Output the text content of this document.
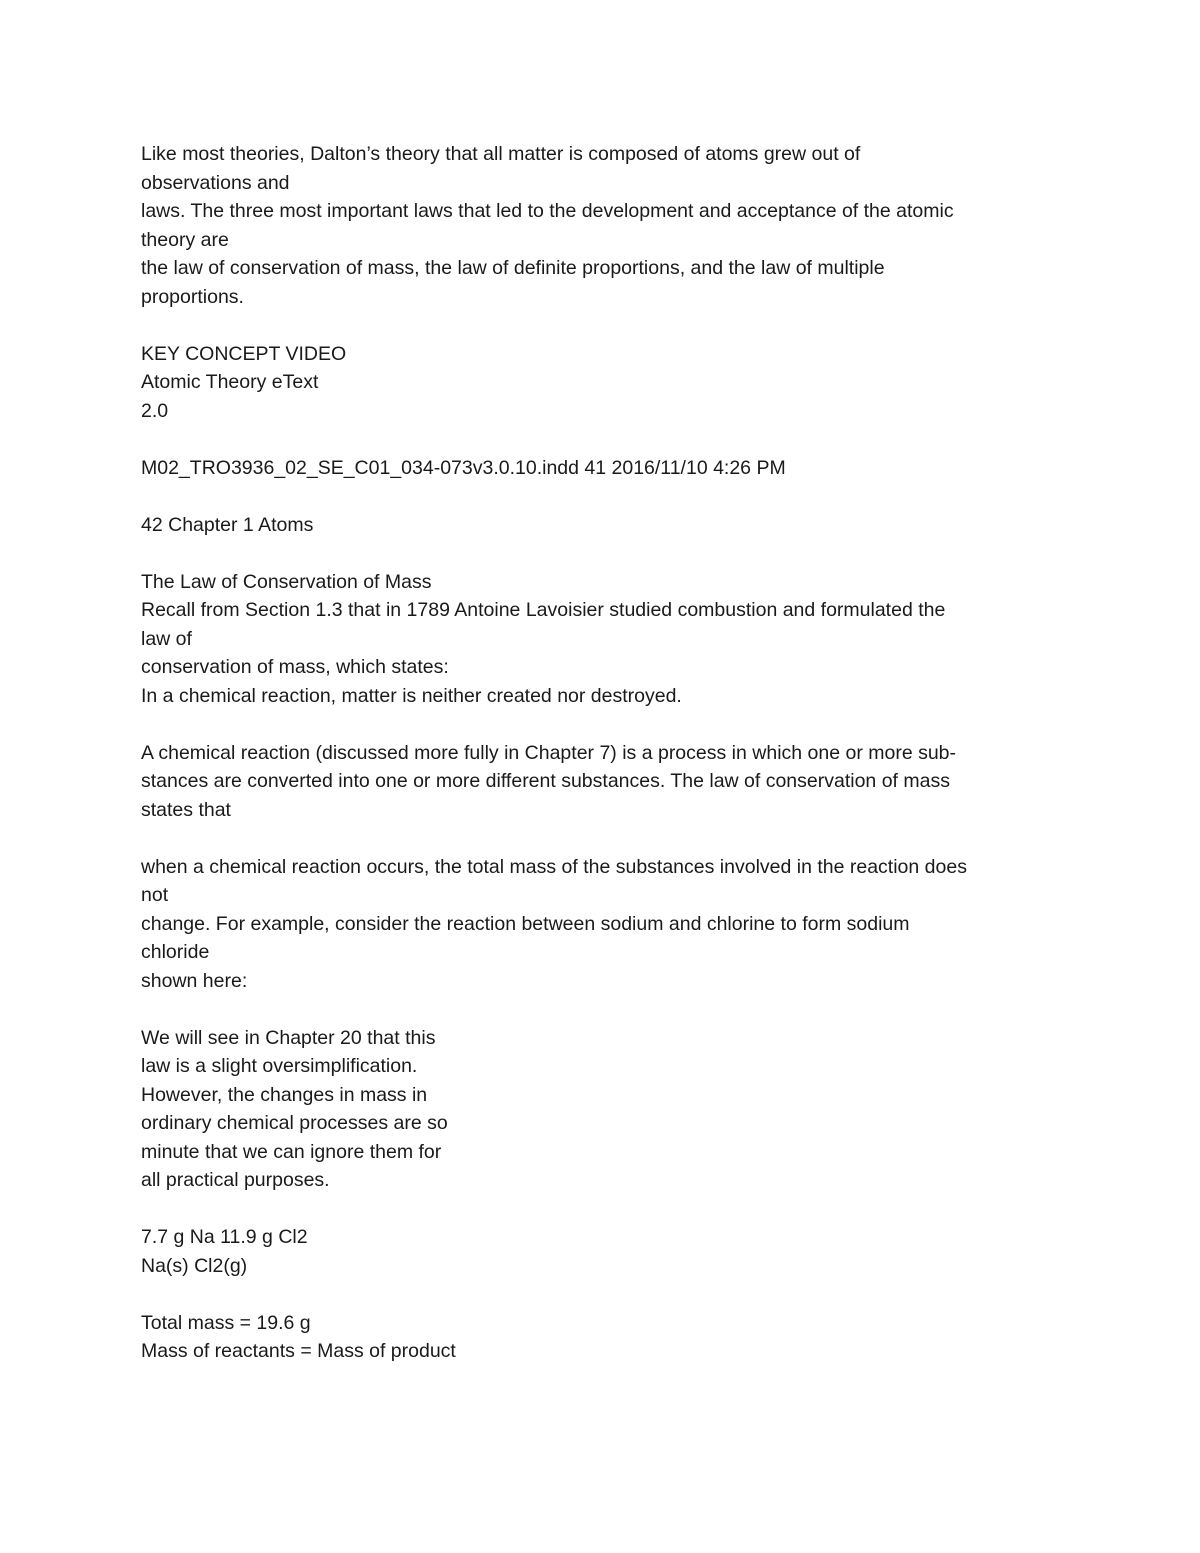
Like most theories, Dalton’s theory that all matter is composed of atoms grew out of
observations and
laws. The three most important laws that led to the development and acceptance of the atomic
theory are
the law of conservation of mass, the law of definite proportions, and the law of multiple
proportions.
KEY CONCEPT VIDEO
Atomic Theory eText
2.0
M02_TRO3936_02_SE_C01_034-073v3.0.10.indd 41 2016/11/10 4:26 PM
42 Chapter 1 Atoms
The Law of Conservation of Mass
Recall from Section 1.3 that in 1789 Antoine Lavoisier studied combustion and formulated the
law of
conservation of mass, which states:
In a chemical reaction, matter is neither created nor destroyed.
A chemical reaction (discussed more fully in Chapter 7) is a process in which one or more sub-
stances are converted into one or more different substances. The law of conservation of mass
states that
when a chemical reaction occurs, the total mass of the substances involved in the reaction does
not
change. For example, consider the reaction between sodium and chlorine to form sodium
chloride
shown here:
We will see in Chapter 20 that this
law is a slight oversimplification.
However, the changes in mass in
ordinary chemical processes are so
minute that we can ignore them for
all practical purposes.
7.7 g Na 11.9 g Cl2
Na(s) Cl2(g)
Total mass = 19.6 g
Mass of reactants = Mass of product
